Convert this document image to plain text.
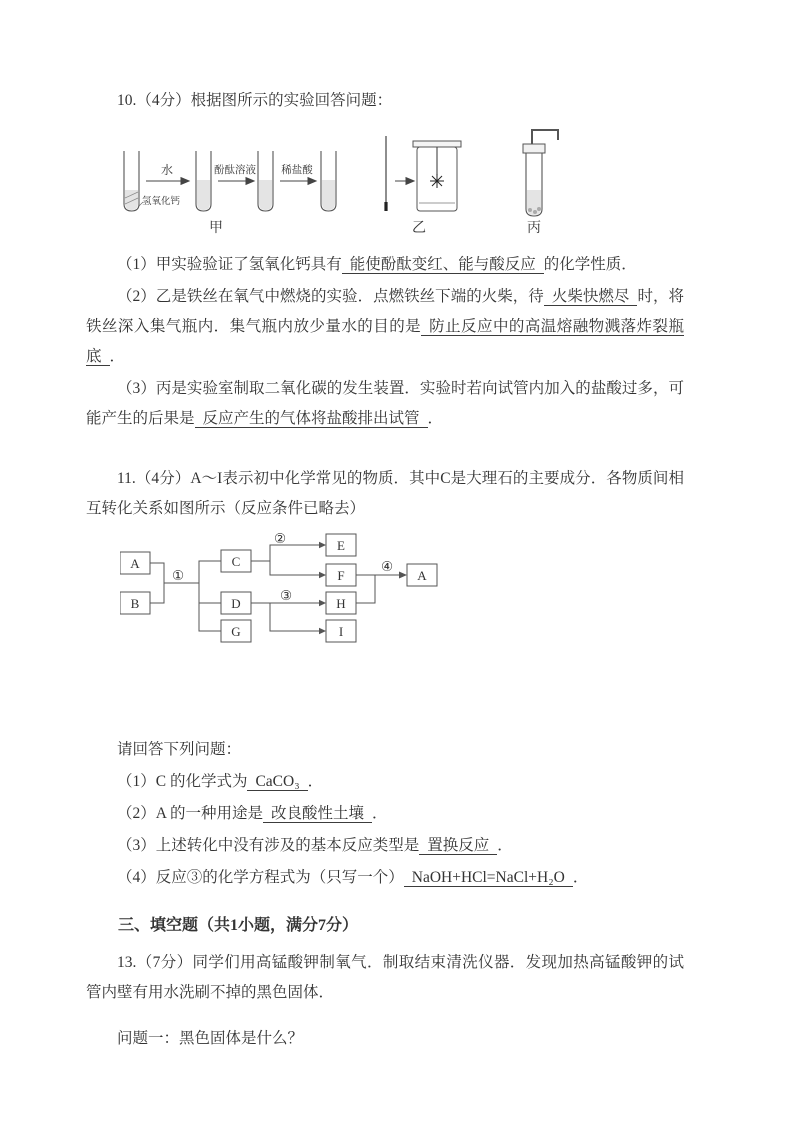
10.（4分）根据图所示的实验回答问题：

水	酚酞溶液 稀盐酸
氢氧化钙
甲	乙	丙

（1）甲实验验证了氢氧化钙具有 能使酚酞变红、能与酸反应 的化学性质．

（2）乙是铁丝在氧气中燃烧的实验．点燃铁丝下端的火柴，待 火柴快燃尽 时，将铁丝深入集气瓶内．集气瓶内放少量水的目的是 防止反应中的高温熔融物溅落炸裂瓶底 ．

（3）丙是实验室制取二氧化碳的发生装置．实验时若向试管内加入的盐酸过多，可能产生的后果是 反应产生的气体将盐酸排出试管 ．

11.（4分）A～I表示初中化学常见的物质．其中C是大理石的主要成分．各物质间相互转化关系如图所示（反应条件已略去）

A
B
C
D
G
E
F
H
I
A
①
②
③
④

请回答下列问题：

（1）C 的化学式为 CaCO₃ ．

（2）A 的一种用途是 改良酸性土壤 ．

（3）上述转化中没有涉及的基本反应类型是 置换反应 ．

（4）反应③的化学方程式为（只写一个） NaOH+HCl=NaCl+H₂O ．

三、填空题（共1小题，满分7分）

13.（7分）同学们用高锰酸钾制氧气．制取结束清洗仪器．发现加热高锰酸钾的试管内壁有用水洗刷不掉的黑色固体．

问题一：黑色固体是什么？
